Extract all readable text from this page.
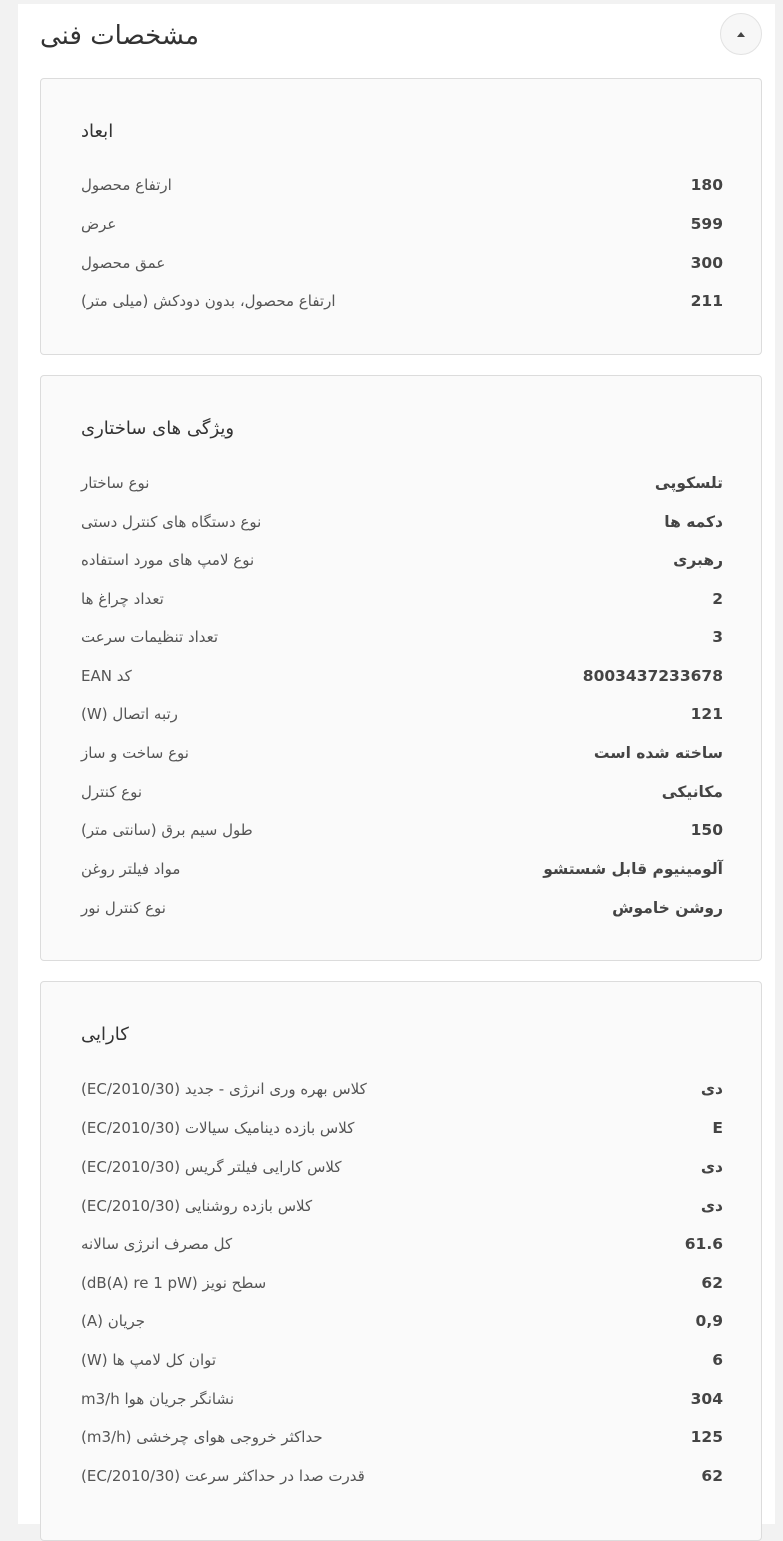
مشخصات فنی
ابعاد
ارتفاع محصول	180
عرض	599
عمق محصول	300
ارتفاع محصول، بدون دودکش (میلی متر)	211
ویژگی های ساختاری
نوع ساختار	تلسکوپی
نوع دستگاه های کنترل دستی	دکمه ها
نوع لامپ های مورد استفاده	رهبری
تعداد چراغ ها	2
تعداد تنظیمات سرعت	3
کد EAN	8003437233678
رتبه اتصال (W)	121
نوع ساخت و ساز	ساخته شده است
نوع کنترل	مکانیکی
طول سیم برق (سانتی متر)	150
مواد فیلتر روغن	آلومینیوم قابل شستشو
نوع کنترل نور	روشن خاموش
کارایی
کلاس بهره وری انرژی - جدید (2010/30/EC)	دی
کلاس بازده دینامیک سیالات (2010/30/EC)	E
کلاس کارایی فیلتر گریس (2010/30/EC)	دی
کلاس بازده روشنایی (2010/30/EC)	دی
کل مصرف انرژی سالانه	61.6
سطح نویز (dB(A) re 1 pW)	62
جریان (A)	0,9
توان کل لامپ ها (W)	6
نشانگر جریان هوا m3/h	304
حداکثر خروجی هوای چرخشی (m3/h)	125
قدرت صدا در حداکثر سرعت (2010/30/EC)	62
